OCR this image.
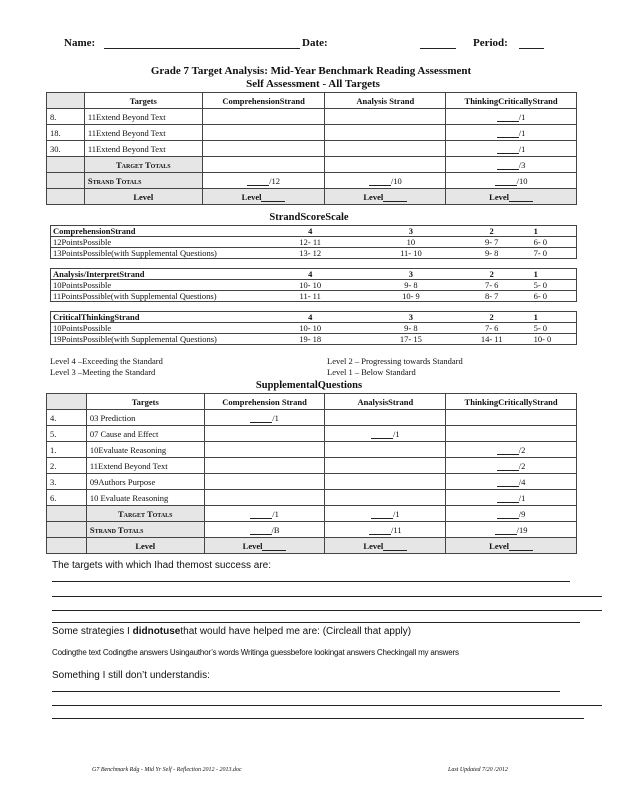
Name:	Date:	Period:
Grade 7 Target Analysis: Mid-Year Benchmark Reading Assessment
Self Assessment - All Targets
	Targets	ComprehensionStrand	Analysis Strand	ThinkingCriticallyStrand
8.	11Extend Beyond Text			/1
18.	11Extend Beyond Text			/1
30.	11Extend Beyond Text			/1
	Target Totals			/3
	Strand Totals	/12	/10	/10
	Level	Level	Level	Level
StrandScoreScale
ComprehensionStrand	4	3	2	1
12PointsPossible	12- 11	10	9- 7	6- 0
13PointsPossible(with Supplemental Questions)	13- 12	11- 10	9- 8	7- 0
Analysis/InterpretStrand	4	3	2	1
10PointsPossible	10- 10	9- 8	7- 6	5- 0
11PointsPossible(with Supplemental Questions)	11- 11	10- 9	8- 7	6- 0
CriticalThinkingStrand	4	3	2	1
10PointsPossible	10- 10	9- 8	7- 6	5- 0
19PointsPossible(with Supplemental Questions)	19- 18	17- 15	14- 11	10- 0
Level 4 –Exceeding the Standard
Level 3 –Meeting the Standard
Level 2 – Progressing towards Standard
Level 1 – Below Standard
SupplementalQuestions
	Targets	Comprehension Strand	AnalysisStrand	ThinkingCriticallyStrand
4.	03 Prediction	/1		
5.	07 Cause and Effect		/1	
1.	10Evaluate Reasoning			/2
2.	11Extend Beyond Text			/2
3.	09Authors Purpose			/4
6.	10 Evaluate Reasoning			/1
	Target Totals	/1	/1	/9
	Strand Totals	/B	/11	/19
	Level	Level	Level	Level
The targets with which Ihad themost success are:
Some strategies I didnotusethat would have helped me are: (Circleall that apply)
Codingthe text Codingthe answers Usingauthor’s words Writinga guessbefore lookingat answers Checkingall my answers
Something I still don’t understandis:
G7 Benchmark Rdg - Mid Yr Self - Reflection 2012 - 2013.doc	Last Updated 7/20 /2012
